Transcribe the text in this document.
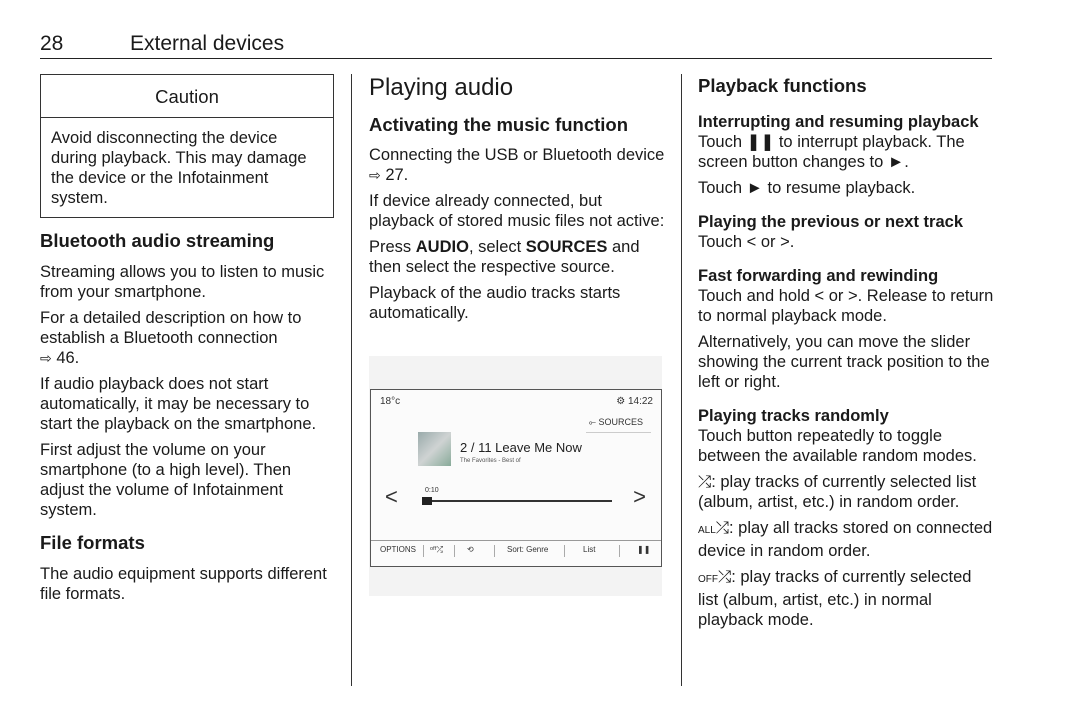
28	External devices
Caution
Avoid disconnecting the device during playback. This may damage the device or the Infotainment system.
Bluetooth audio streaming

Streaming allows you to listen to music from your smartphone.

For a detailed description on how to establish a Bluetooth connection
⇨ 46.

If audio playback does not start automatically, it may be necessary to start the playback on the smartphone.

First adjust the volume on your smartphone (to a high level). Then adjust the volume of Infotainment system.

File formats

The audio equipment supports different file formats.

Playing audio
Activating the music function

Connecting the USB or Bluetooth device
⇨ 27.

If device already connected, but playback of stored music files not active:

Press AUDIO, select SOURCES and then select the respective source.

Playback of the audio tracks starts automatically.

18°c	⚙ 14:22
⟜ SOURCES
2 / 11 Leave Me Now
The Favorites - Best of
<	>
0:10
OPTIONS ᵒᶠᶠ⤮	⟲	Sort: Genre	List	❚❚
Playback functions
Interrupting and resuming playback

Touch ❚❚ to interrupt playback. The screen button changes to ►.

Touch ► to resume playback.

Playing the previous or next track

Touch < or >.

Fast forwarding and rewinding

Touch and hold < or >. Release to return to normal playback mode.

Alternatively, you can move the slider showing the current track position to the left or right.

Playing tracks randomly

Touch button repeatedly to toggle between the available random modes.

⤮: play tracks of currently selected list (album, artist, etc.) in random order.

ALL⤮: play all tracks stored on connected device in random order.

OFF⤮: play tracks of currently selected list (album, artist, etc.) in normal playback mode.
